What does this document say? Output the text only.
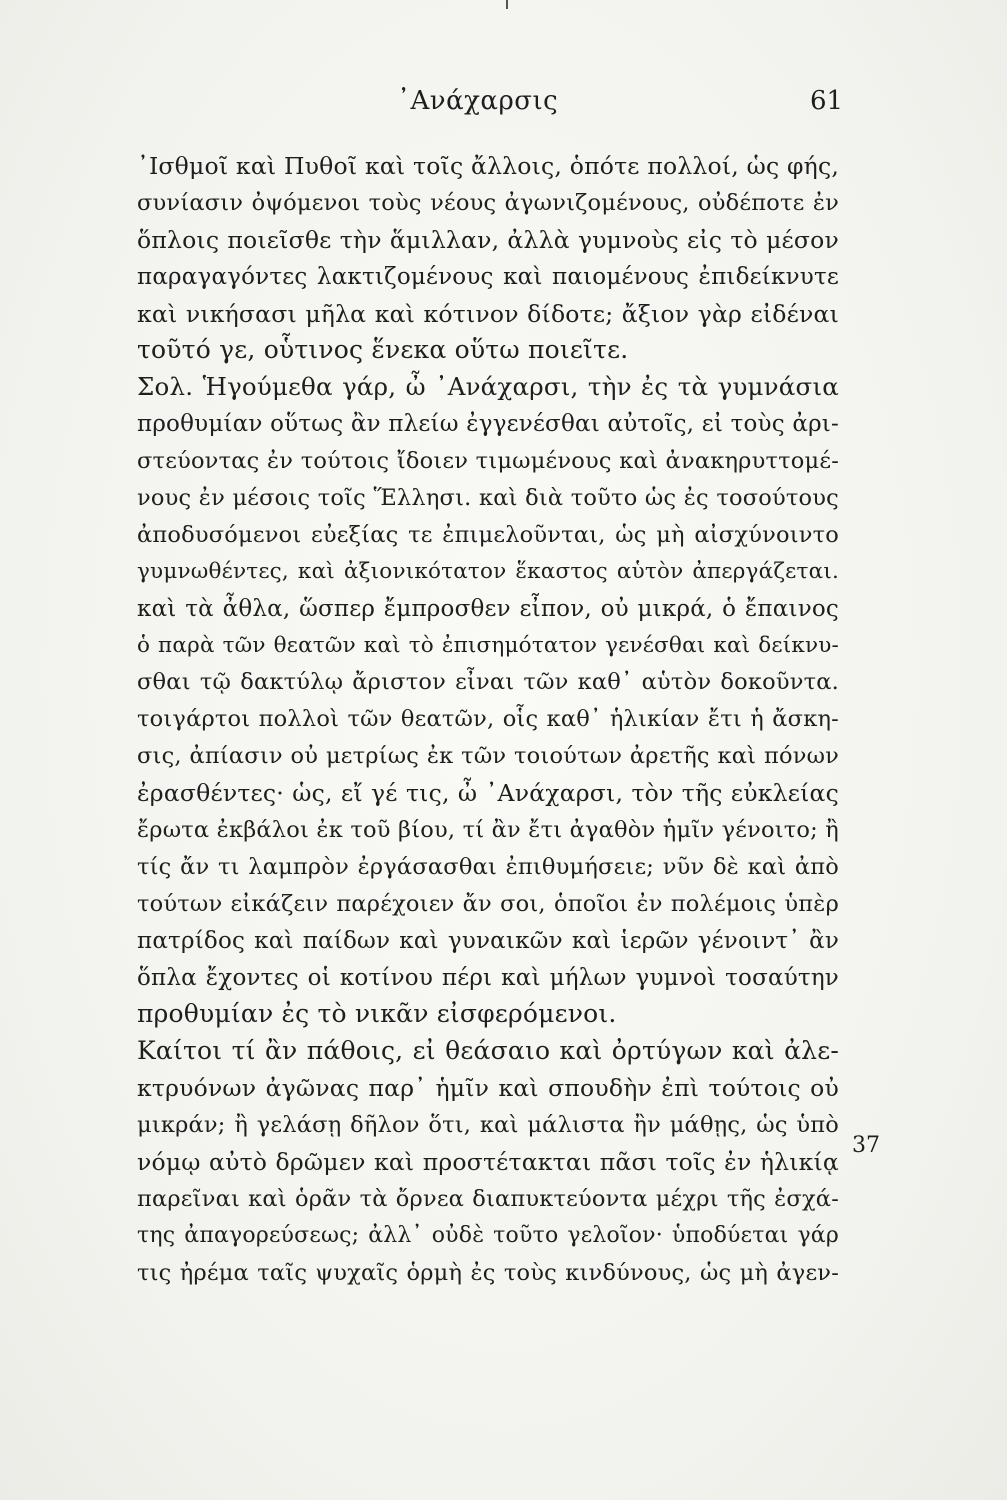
᾿Ανάχαρσις	61
᾿Ισθμοῖ καὶ Πυθοῖ καὶ τοῖς ἄλλοις, ὁπότε πολλοί, ὡς φής,
συνίασιν ὀψόμενοι τοὺς νέους ἀγωνιζομένους, οὐδέποτε ἐν
ὅπλοις ποιεῖσθε τὴν ἅμιλλαν, ἀλλὰ γυμνοὺς εἰς τὸ μέσον
παραγαγόντες λακτιζομένους καὶ παιομένους ἐπιδείκνυτε
καὶ νικήσασι μῆλα καὶ κότινον δίδοτε; ἄξιον γὰρ εἰδέναι
τοῦτό γε, οὗτινος ἕνεκα οὕτω ποιεῖτε.
Σολ. Ἡγούμεθα γάρ, ὦ ᾿Ανάχαρσι, τὴν ἐς τὰ γυμνάσια
προθυμίαν οὕτως ἂν πλείω ἐγγενέσθαι αὐτοῖς, εἰ τοὺς ἀρι-
στεύοντας ἐν τούτοις ἴδοιεν τιμωμένους καὶ ἀνακηρυττομέ-
νους ἐν μέσοις τοῖς Ἕλλησι. καὶ διὰ τοῦτο ὡς ἐς τοσούτους
ἀποδυσόμενοι εὐεξίας τε ἐπιμελοῦνται, ὡς μὴ αἰσχύνοιντο
γυμνωθέντες, καὶ ἀξιονικότατον ἕκαστος αὑτὸν ἀπεργάζεται.
καὶ τὰ ἆθλα, ὥσπερ ἔμπροσθεν εἶπον, οὐ μικρά, ὁ ἔπαινος
ὁ παρὰ τῶν θεατῶν καὶ τὸ ἐπισημότατον γενέσθαι καὶ δείκνυ-
σθαι τῷ δακτύλῳ ἄριστον εἶναι τῶν καθ᾿ αὑτὸν δοκοῦντα.
τοιγάρτοι πολλοὶ τῶν θεατῶν, οἷς καθ᾿ ἡλικίαν ἔτι ἡ ἄσκη-
σις, ἀπίασιν οὐ μετρίως ἐκ τῶν τοιούτων ἀρετῆς καὶ πόνων
ἐρασθέντες· ὡς, εἴ γέ τις, ὦ ᾿Ανάχαρσι, τὸν τῆς εὐκλείας
ἔρωτα ἐκβάλοι ἐκ τοῦ βίου, τί ἂν ἔτι ἀγαθὸν ἡμῖν γένοιτο; ἢ
τίς ἄν τι λαμπρὸν ἐργάσασθαι ἐπιθυμήσειε; νῦν δὲ καὶ ἀπὸ
τούτων εἰκάζειν παρέχοιεν ἄν σοι, ὁποῖοι ἐν πολέμοις ὑπὲρ
πατρίδος καὶ παίδων καὶ γυναικῶν καὶ ἱερῶν γένοιντ᾿ ἂν
ὅπλα ἔχοντες οἱ κοτίνου πέρι καὶ μήλων γυμνοὶ τοσαύτην
προθυμίαν ἐς τὸ νικᾶν εἰσφερόμενοι.
Καίτοι τί ἂν πάθοις, εἰ θεάσαιο καὶ ὀρτύγων καὶ ἀλε-
κτρυόνων ἀγῶνας παρ᾿ ἡμῖν καὶ σπουδὴν ἐπὶ τούτοις οὐ
μικράν; ἢ γελάσῃ δῆλον ὅτι, καὶ μάλιστα ἢν μάθῃς, ὡς ὑπὸ
νόμῳ αὐτὸ δρῶμεν καὶ προστέτακται πᾶσι τοῖς ἐν ἡλικίᾳ
παρεῖναι καὶ ὁρᾶν τὰ ὄρνεα διαπυκτεύοντα μέχρι τῆς ἐσχά-
της ἀπαγορεύσεως; ἀλλ᾿ οὐδὲ τοῦτο γελοῖον· ὑποδύεται γάρ
τις ἠρέμα ταῖς ψυχαῖς ὁρμὴ ἐς τοὺς κινδύνους, ὡς μὴ ἀγεν-
37
